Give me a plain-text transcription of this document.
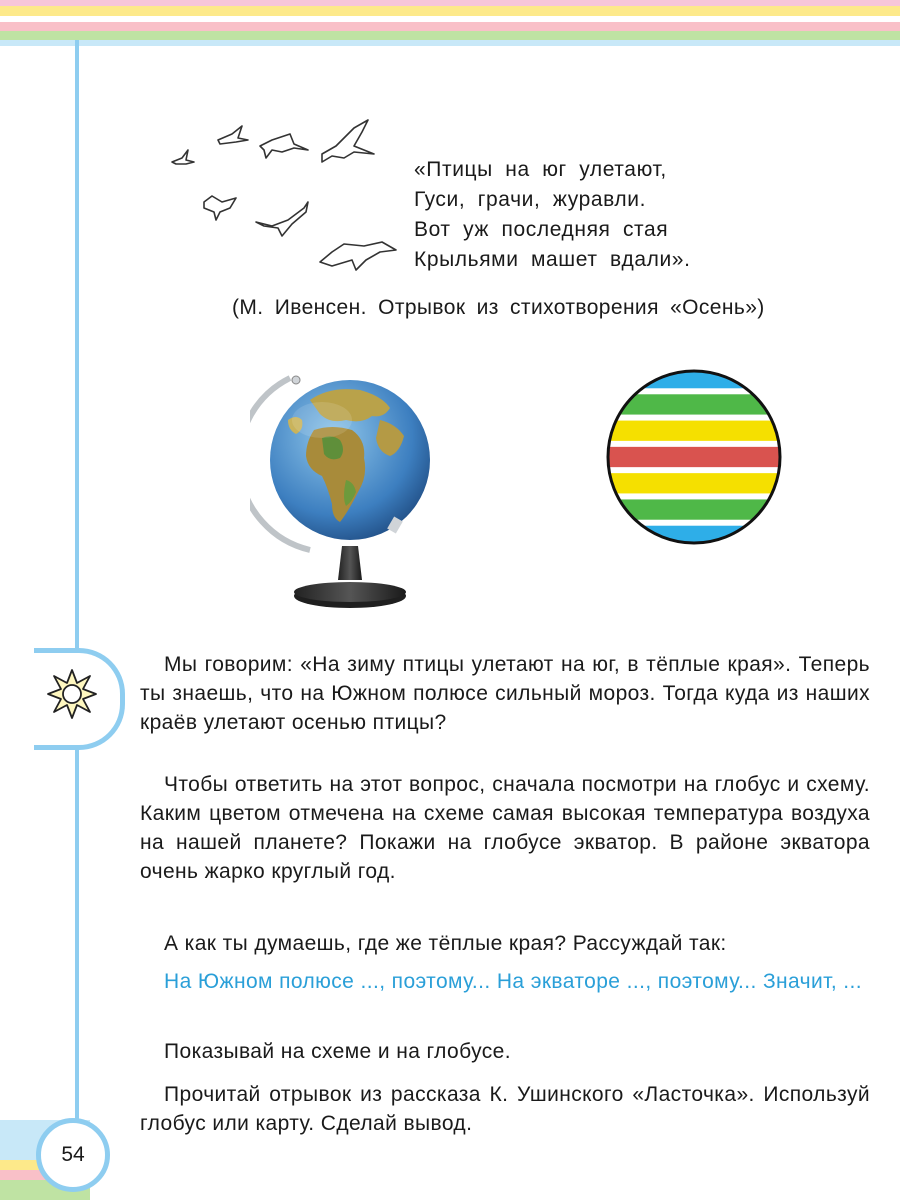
«Птицы на юг улетают,
Гуси, грачи, журавли.
Вот уж последняя стая
Крыльями машет вдали».
(М. Ивенсен. Отрывок из стихотворения «Осень»)

Мы говорим: «На зиму птицы улетают на юг, в тёплые края». Теперь ты знаешь, что на Южном полюсе сильный мороз. Тогда куда из наших краёв улетают осенью птицы?

Чтобы ответить на этот вопрос, сначала посмотри на глобус и схему. Каким цветом отмечена на схеме самая высокая температура воздуха на нашей планете? Покажи на глобусе экватор. В районе экватора очень жарко круглый год.

А как ты думаешь, где же тёплые края? Рассуждай так:

На Южном полюсе ..., поэтому... На экваторе ..., поэтому... Значит, ...

Показывай на схеме и на глобусе.

Прочитай отрывок из рассказа К. Ушинского «Ласточка». Используй глобус или карту. Сделай вывод.

54
